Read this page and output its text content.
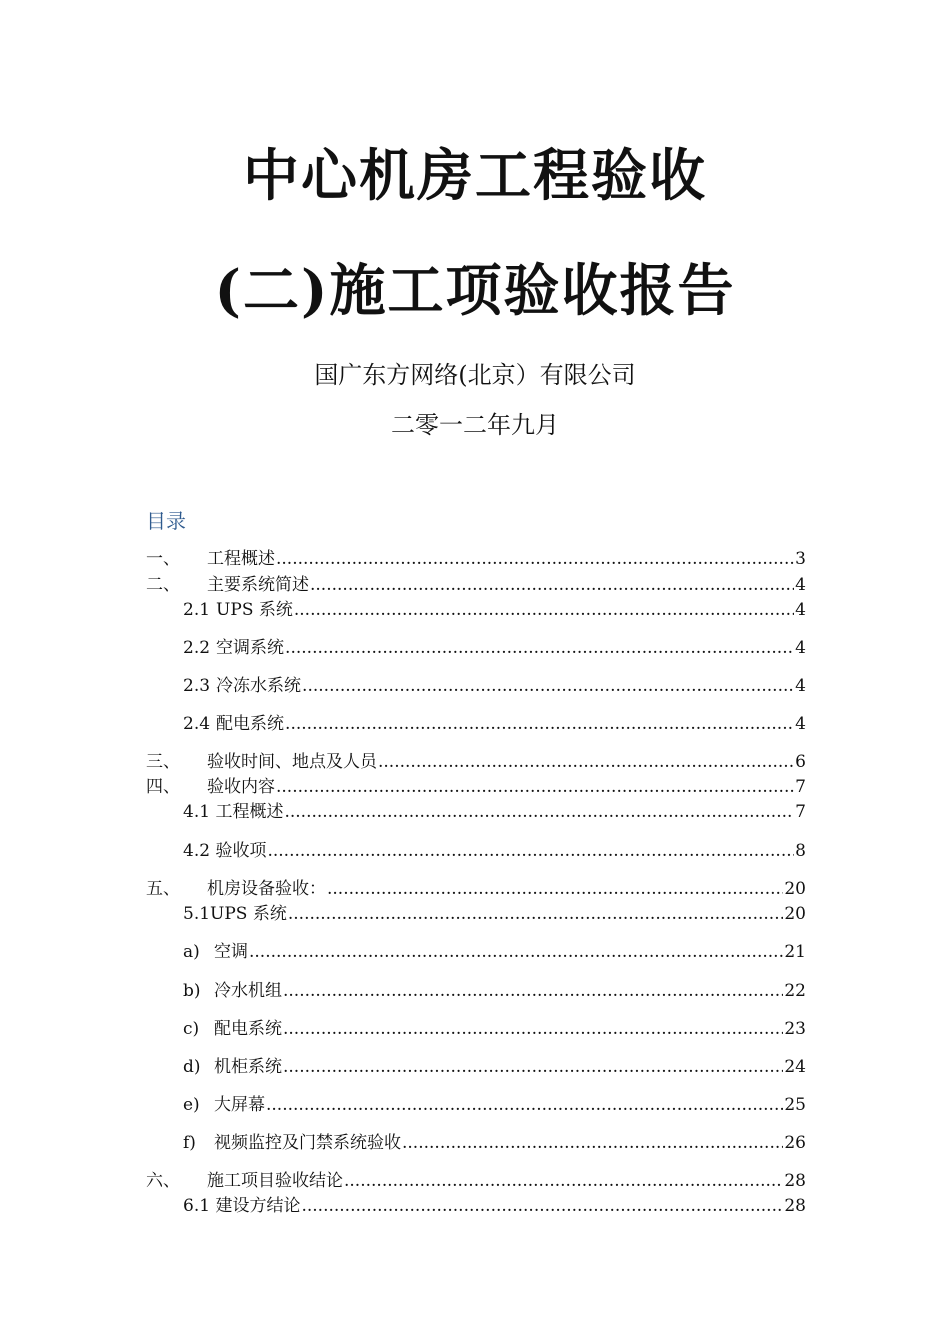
中心机房工程验收
(二)施工项验收报告
国广东方网络(北京）有限公司
二零一二年九月
目录
一、	工程概述 .....	3
二、	主要系统简述 .....	4
2.1 UPS 系统 .....	4
2.2 空调系统 .....	4
2.3 冷冻水系统 .....	4
2.4 配电系统 .....	4
三、	验收时间、地点及人员 .....	6
四、	验收内容 .....	7
4.1 工程概述 .....	7
4.2 验收项 .....	8
五、	机房设备验收： .....	20
5.1UPS 系统 .....	20
a) 空调 .....	21
b) 冷水机组 .....	22
c) 配电系统 .....	23
d) 机柜系统 .....	24
e) 大屏幕 .....	25
f)	视频监控及门禁系统验收 .....	26
六、	施工项目验收结论 .....	28
6.1 建设方结论 .....	28
